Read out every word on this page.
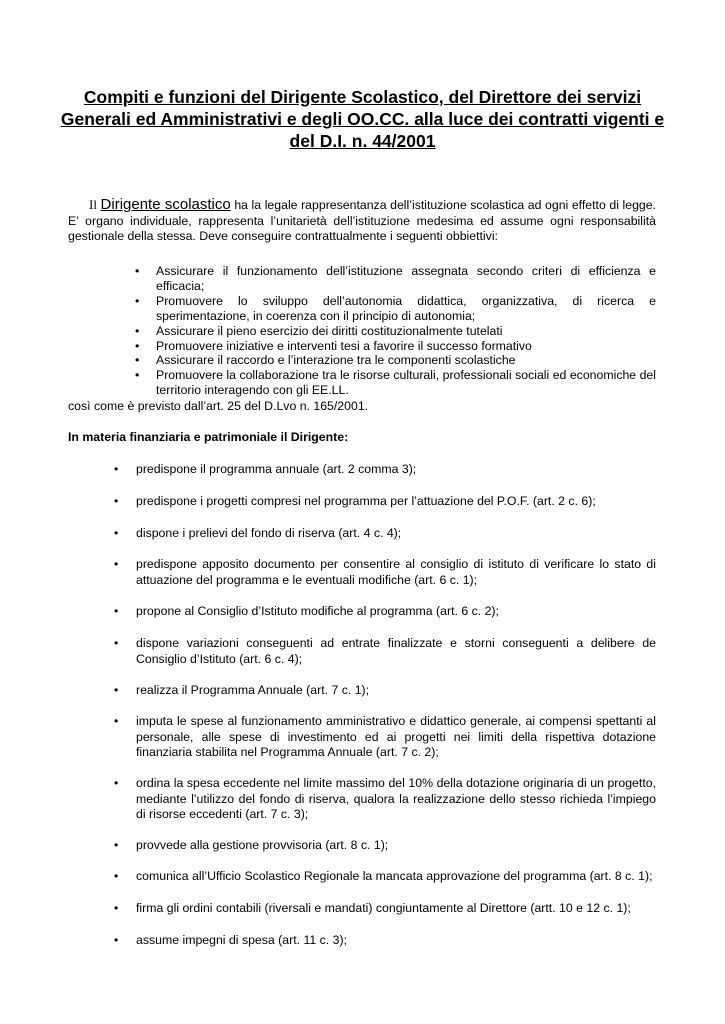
Compiti e funzioni del Dirigente Scolastico, del Direttore dei servizi Generali ed Amministrativi e degli OO.CC. alla luce dei contratti vigenti e del D.I. n. 44/2001

Il Dirigente scolastico ha la legale rappresentanza dell’istituzione scolastica ad ogni effetto di legge. E’ organo individuale, rappresenta l’unitarietà dell’istituzione medesima ed assume ogni responsabilità gestionale della stessa. Deve conseguire contrattualmente i seguenti obbiettivi:

• Assicurare il funzionamento dell’istituzione assegnata secondo criteri di efficienza e efficacia;
• Promuovere lo sviluppo dell’autonomia didattica, organizzativa, di ricerca e sperimentazione, in coerenza con il principio di autonomia;
• Assicurare il pieno esercizio dei diritti costituzionalmente tutelati
• Promuovere iniziative e interventi tesi a favorire il successo formativo
• Assicurare il raccordo e l’interazione tra le componenti scolastiche
• Promuovere la collaborazione tra le risorse culturali, professionali sociali ed economiche del territorio interagendo con gli EE.LL.

così come è previsto dall’art. 25 del D.Lvo n. 165/2001.

In materia finanziaria e patrimoniale il Dirigente:

• predispone il programma annuale (art. 2 comma 3);

• predispone i progetti compresi nel programma per l’attuazione del P.O.F. (art. 2 c. 6);

• dispone i prelievi del fondo di riserva (art. 4 c. 4);

• predispone apposito documento per consentire al consiglio di istituto di verificare lo stato di attuazione del programma e le eventuali modifiche (art. 6 c. 1);

• propone al Consiglio d’Istituto modifiche al programma (art. 6 c. 2);

• dispone variazioni conseguenti ad entrate finalizzate e storni conseguenti a delibere de Consiglio d’Istituto (art. 6 c. 4);

• realizza il Programma Annuale (art. 7 c. 1);

• imputa le spese al funzionamento amministrativo e didattico generale, ai compensi spettanti al personale, alle spese di investimento ed ai progetti nei limiti della rispettiva dotazione finanziaria stabilita nel Programma Annuale (art. 7 c. 2);

• ordina la spesa eccedente nel limite massimo del 10% della dotazione originaria di un progetto, mediante l’utilizzo del fondo di riserva, qualora la realizzazione dello stesso richieda l’impiego di risorse eccedenti (art. 7 c. 3);

• provvede alla gestione provvisoria (art. 8 c. 1);

• comunica all’Ufficio Scolastico Regionale la mancata approvazione del programma (art. 8 c. 1);

• firma gli ordini contabili (riversali e mandati) congiuntamente al Direttore (artt. 10 e 12 c. 1);

• assume impegni di spesa (art. 11 c. 3);
